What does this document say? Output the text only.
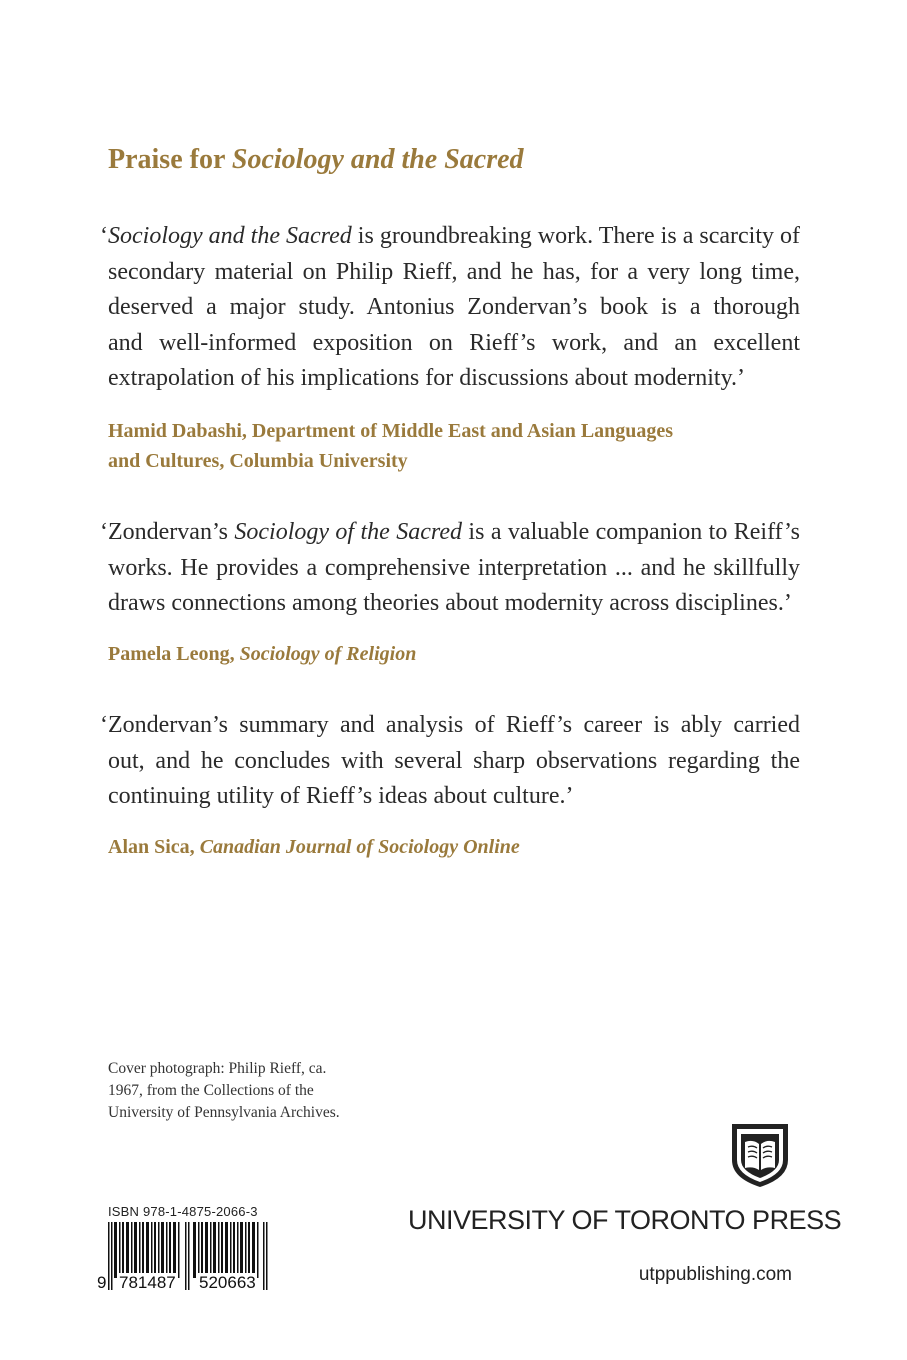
Praise for Sociology and the Sacred
‘Sociology and the Sacred is groundbreaking work. There is a scarcity of
secondary material on Philip Rieff, and he has, for a very long time,
deserved a major study. Antonius Zondervan’s book is a thorough
and well-informed exposition on Rieff’s work, and an excellent
extrapolation of his implications for discussions about modernity.’
Hamid Dabashi, Department of Middle East and Asian Languages
and Cultures, Columbia University
‘Zondervan’s Sociology of the Sacred is a valuable companion to Reiff’s
works. He provides a comprehensive interpretation ... and he skillfully
draws connections among theories about modernity across disciplines.’
Pamela Leong, Sociology of Religion
‘Zondervan’s summary and analysis of Rieff’s career is ably carried
out, and he concludes with several sharp observations regarding the
continuing utility of Rieff’s ideas about culture.’
Alan Sica, Canadian Journal of Sociology Online
Cover photograph: Philip Rieff, ca.
1967, from the Collections of the
University of Pennsylvania Archives.
UNIVERSITY OF TORONTO PRESS
utppublishing.com
ISBN 978-1-4875-2066-3
9 781487 520663
